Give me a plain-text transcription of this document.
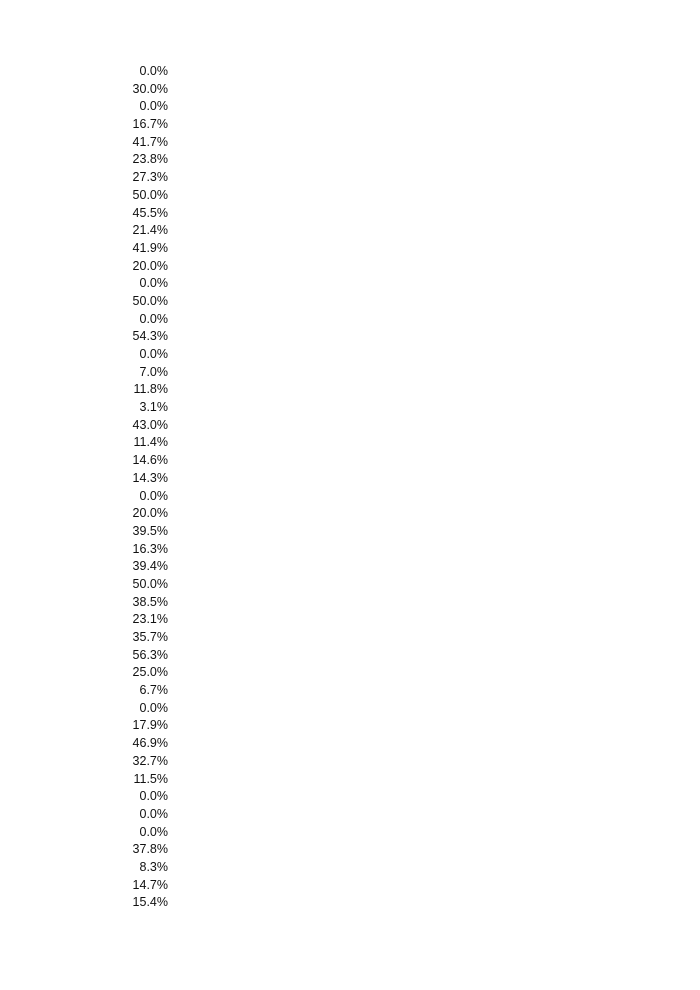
0.0%
30.0%
0.0%
16.7%
41.7%
23.8%
27.3%
50.0%
45.5%
21.4%
41.9%
20.0%
0.0%
50.0%
0.0%
54.3%
0.0%
7.0%
11.8%
3.1%
43.0%
11.4%
14.6%
14.3%
0.0%
20.0%
39.5%
16.3%
39.4%
50.0%
38.5%
23.1%
35.7%
56.3%
25.0%
6.7%
0.0%
17.9%
46.9%
32.7%
11.5%
0.0%
0.0%
0.0%
37.8%
8.3%
14.7%
15.4%
